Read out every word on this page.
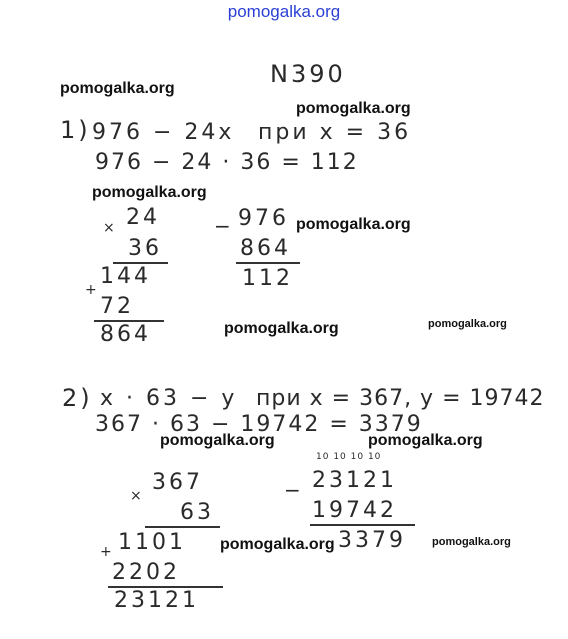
pomogalka.org
N390
1) 976 − 24x при x = 36
976 − 24 · 36 = 112
× 24
36
144
+
72
864
− 976
864
112
2) x · 63 − y при x = 367, y = 19742
367 · 63 − 19742 = 3379
×
367
63
1101
+
2202
23121
10 10 10 10
− 23121
19742
3379
pomogalka.org
pomogalka.org
pomogalka.org
pomogalka.org
pomogalka.org	pomogalka.org
pomogalka.org	pomogalka.org
pomogalka.org	pomogalka.org
